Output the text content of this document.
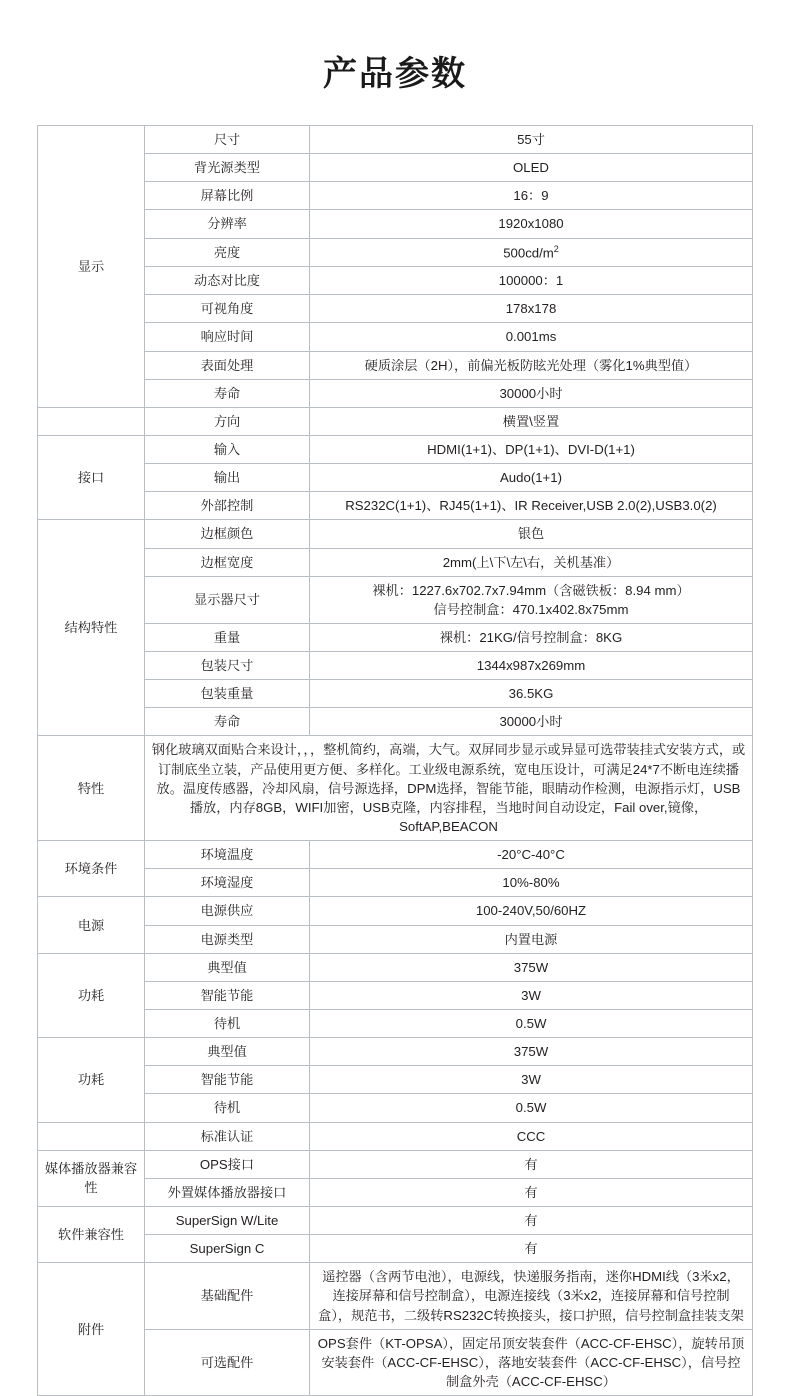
产品参数
显示	尺寸	55寸
	背光源类型	OLED
	屏幕比例	16：9
	分辨率	1920x1080
	亮度	$500cd/m^2$
	动态对比度	100000：1
	可视角度	178x178
	响应时间	0.001ms
	表面处理	硬质涂层（2H），前偏光板防眩光处理（雾化1%典型值）
	寿命	30000小时
	方向	横置\竖置
接口	输入	HDMI(1+1)、DP(1+1)、DVI-D(1+1)
	输出	Audo(1+1)
	外部控制	RS232C(1+1)、RJ45(1+1)、IR Receiver,USB 2.0(2),USB3.0(2)
结构特性	边框颜色	银色
	边框宽度	2mm(上\下\左\右，关机基准）
	显示器尺寸	裸机：1227.6x702.7x7.94mm（含磁铁板：8.94 mm）
信号控制盒：470.1x402.8x75mm

	重量	裸机：21KG/信号控制盒：8KG
	包装尺寸	1344x987x269mm
	包装重量	36.5KG
	寿命	30000小时
特性	钢化玻璃双面贴合来设计，，，整机简约，高端，大气。双屏同步显示或异显可选带装挂式安装方式，或订制底坐立装，产品使用更方便、多样化。工业级电源系统，宽电压设计，可满足24*7不断电连续播放。温度传感器，冷却风扇，信号源选择，DPM选择，智能节能，眼睛动作检测，电源指示灯，USB播放，内存8GB，WIFI加密，USB克隆，内容排程，当地时间自动设定，Fail over,镜像，SoftAP,BEACON	
环境条件	环境温度	-20°C-40°C
	环境湿度	10%-80%
电源	电源供应	100-240V,50/60HZ
	电源类型	内置电源
功耗	典型值	375W
	智能节能	3W
	待机	0.5W
功耗	典型值	375W
	智能节能	3W
	待机	0.5W
	标准认证	CCC
媒体播放器兼容性	OPS接口	有
	外置媒体播放器接口	有
软件兼容性	SuperSign W/Lite	有
	SuperSign C	有
附件	基础配件	遥控器（含两节电池），电源线，快递服务指南，迷你HDMI线（3米x2，连接屏幕和信号控制盒），电源连接线（3米x2，连接屏幕和信号控制盒），规范书，二级转RS232C转换接头，接口护照，信号控制盒挂装支架
	可选配件	OPS套件（KT-OPSA），固定吊顶安装套件（ACC-CF-EHSC），旋转吊顶安装套件（ACC-CF-EHSC），落地安装套件（ACC-CF-EHSC），信号控制盒外壳（ACC-CF-EHSC）
